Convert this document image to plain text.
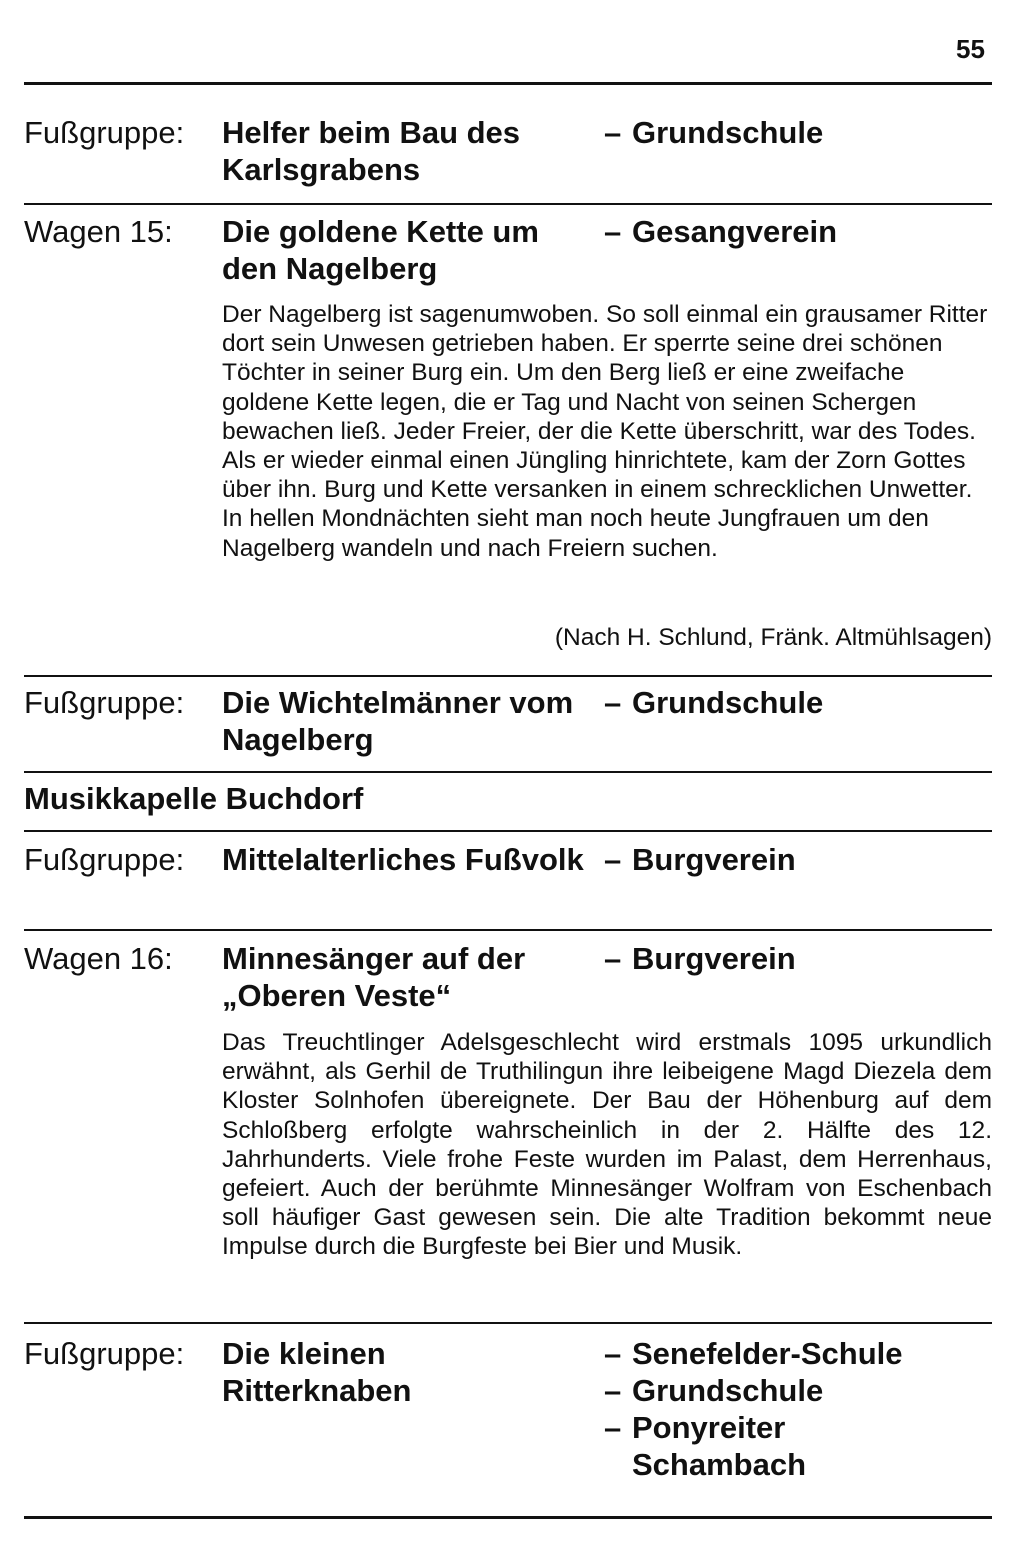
55
Fußgruppe: Helfer beim Bau des Karlsgrabens
– Grundschule
Wagen 15: Die goldene Kette um den Nagelberg
– Gesangverein
Der Nagelberg ist sagenumwoben. So soll einmal ein grausamer Ritter dort sein Unwesen getrieben haben. Er sperrte seine drei schönen Töchter in seiner Burg ein. Um den Berg ließ er eine zweifache goldene Kette legen, die er Tag und Nacht von seinen Schergen bewachen ließ. Jeder Freier, der die Kette überschritt, war des Todes. Als er wieder einmal einen Jüngling hinrichtete, kam der Zorn Gottes über ihn. Burg und Kette versanken in einem schrecklichen Unwetter. In hellen Mondnächten sieht man noch heute Jungfrauen um den Nagelberg wandeln und nach Freiern suchen.
(Nach H. Schlund, Fränk. Altmühlsagen)
Fußgruppe: Die Wichtelmänner vom Nagelberg
– Grundschule
Musikkapelle Buchdorf
Fußgruppe: Mittelalterliches Fußvolk – Burgverein
Wagen 16: Minnesänger auf der „Oberen Veste“
– Burgverein
Das Treuchtlinger Adelsgeschlecht wird erstmals 1095 urkundlich erwähnt, als Gerhil de Truthilingun ihre leibeigene Magd Diezela dem Kloster Solnhofen übereignete. Der Bau der Höhenburg auf dem Schloßberg erfolgte wahrscheinlich in der 2. Hälfte des 12. Jahrhunderts. Viele frohe Feste wurden im Palast, dem Herrenhaus, gefeiert. Auch der berühmte Minnesänger Wolfram von Eschenbach soll häufiger Gast gewesen sein. Die alte Tradition bekommt neue Impulse durch die Burgfeste bei Bier und Musik.
Fußgruppe: Die kleinen Ritterknaben
– Senefelder-Schule
– Grundschule
– Ponyreiter Schambach
